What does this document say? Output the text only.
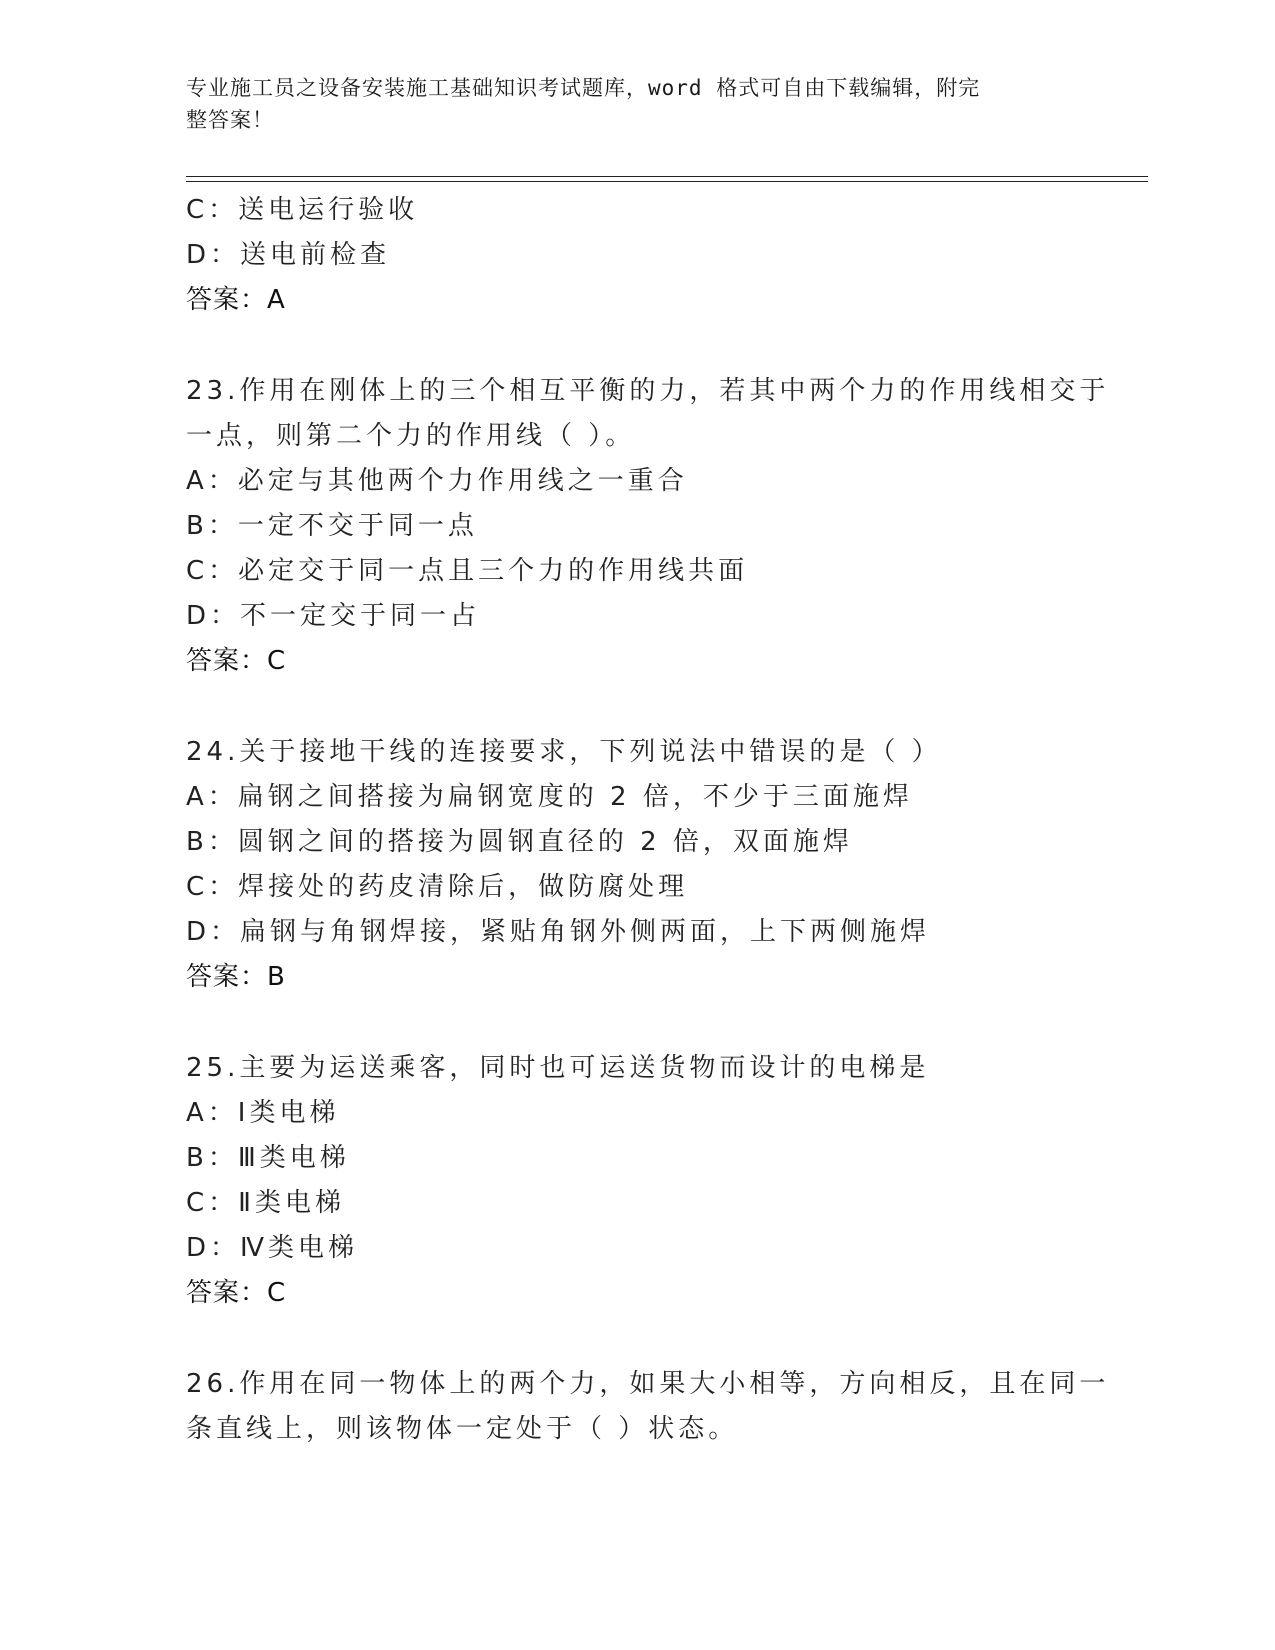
专业施工员之设备安装施工基础知识考试题库，word 格式可自由下载编辑，附完
整答案！
C：送电运行验收
D：送电前检查
答案：A
23.作用在刚体上的三个相互平衡的力，若其中两个力的作用线相交于
一点，则第二个力的作用线（ ）。
A：必定与其他两个力作用线之一重合
B：一定不交于同一点
C：必定交于同一点且三个力的作用线共面
D：不一定交于同一占
答案：C
24.关于接地干线的连接要求，下列说法中错误的是（ ）
A：扁钢之间搭接为扁钢宽度的 2 倍，不少于三面施焊
B：圆钢之间的搭接为圆钢直径的 2 倍，双面施焊
C：焊接处的药皮清除后，做防腐处理
D：扁钢与角钢焊接，紧贴角钢外侧两面，上下两侧施焊
答案：B
25.主要为运送乘客，同时也可运送货物而设计的电梯是
A：Ⅰ类电梯
B：Ⅲ类电梯
C：Ⅱ类电梯
D：Ⅳ类电梯
答案：C
26.作用在同一物体上的两个力，如果大小相等，方向相反，且在同一
条直线上，则该物体一定处于（ ）状态。
